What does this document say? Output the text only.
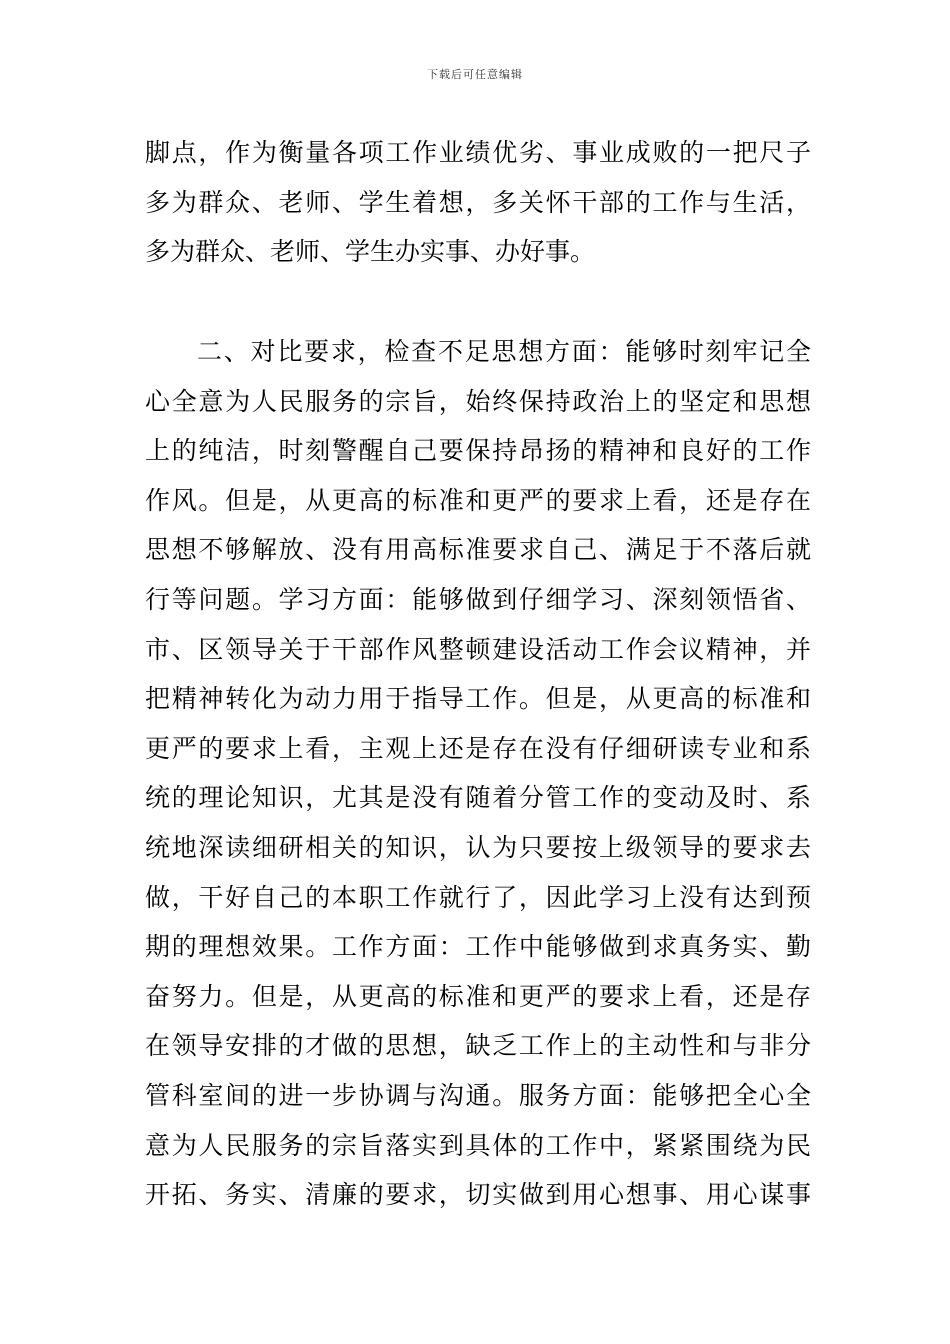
下载后可任意编辑
脚点，作为衡量各项工作业绩优劣、事业成败的一把尺子
多为群众、老师、学生着想，多关怀干部的工作与生活，
多为群众、老师、学生办实事、办好事。
二、对比要求，检查不足思想方面：能够时刻牢记全
心全意为人民服务的宗旨，始终保持政治上的坚定和思想
上的纯洁，时刻警醒自己要保持昂扬的精神和良好的工作
作风。但是，从更高的标准和更严的要求上看，还是存在
思想不够解放、没有用高标准要求自己、满足于不落后就
行等问题。学习方面：能够做到仔细学习、深刻领悟省、
市、区领导关于干部作风整顿建设活动工作会议精神，并
把精神转化为动力用于指导工作。但是，从更高的标准和
更严的要求上看，主观上还是存在没有仔细研读专业和系
统的理论知识，尤其是没有随着分管工作的变动及时、系
统地深读细研相关的知识，认为只要按上级领导的要求去
做，干好自己的本职工作就行了，因此学习上没有达到预
期的理想效果。工作方面：工作中能够做到求真务实、勤
奋努力。但是，从更高的标准和更严的要求上看，还是存
在领导安排的才做的思想，缺乏工作上的主动性和与非分
管科室间的进一步协调与沟通。服务方面：能够把全心全
意为人民服务的宗旨落实到具体的工作中，紧紧围绕为民
开拓、务实、清廉的要求，切实做到用心想事、用心谋事
